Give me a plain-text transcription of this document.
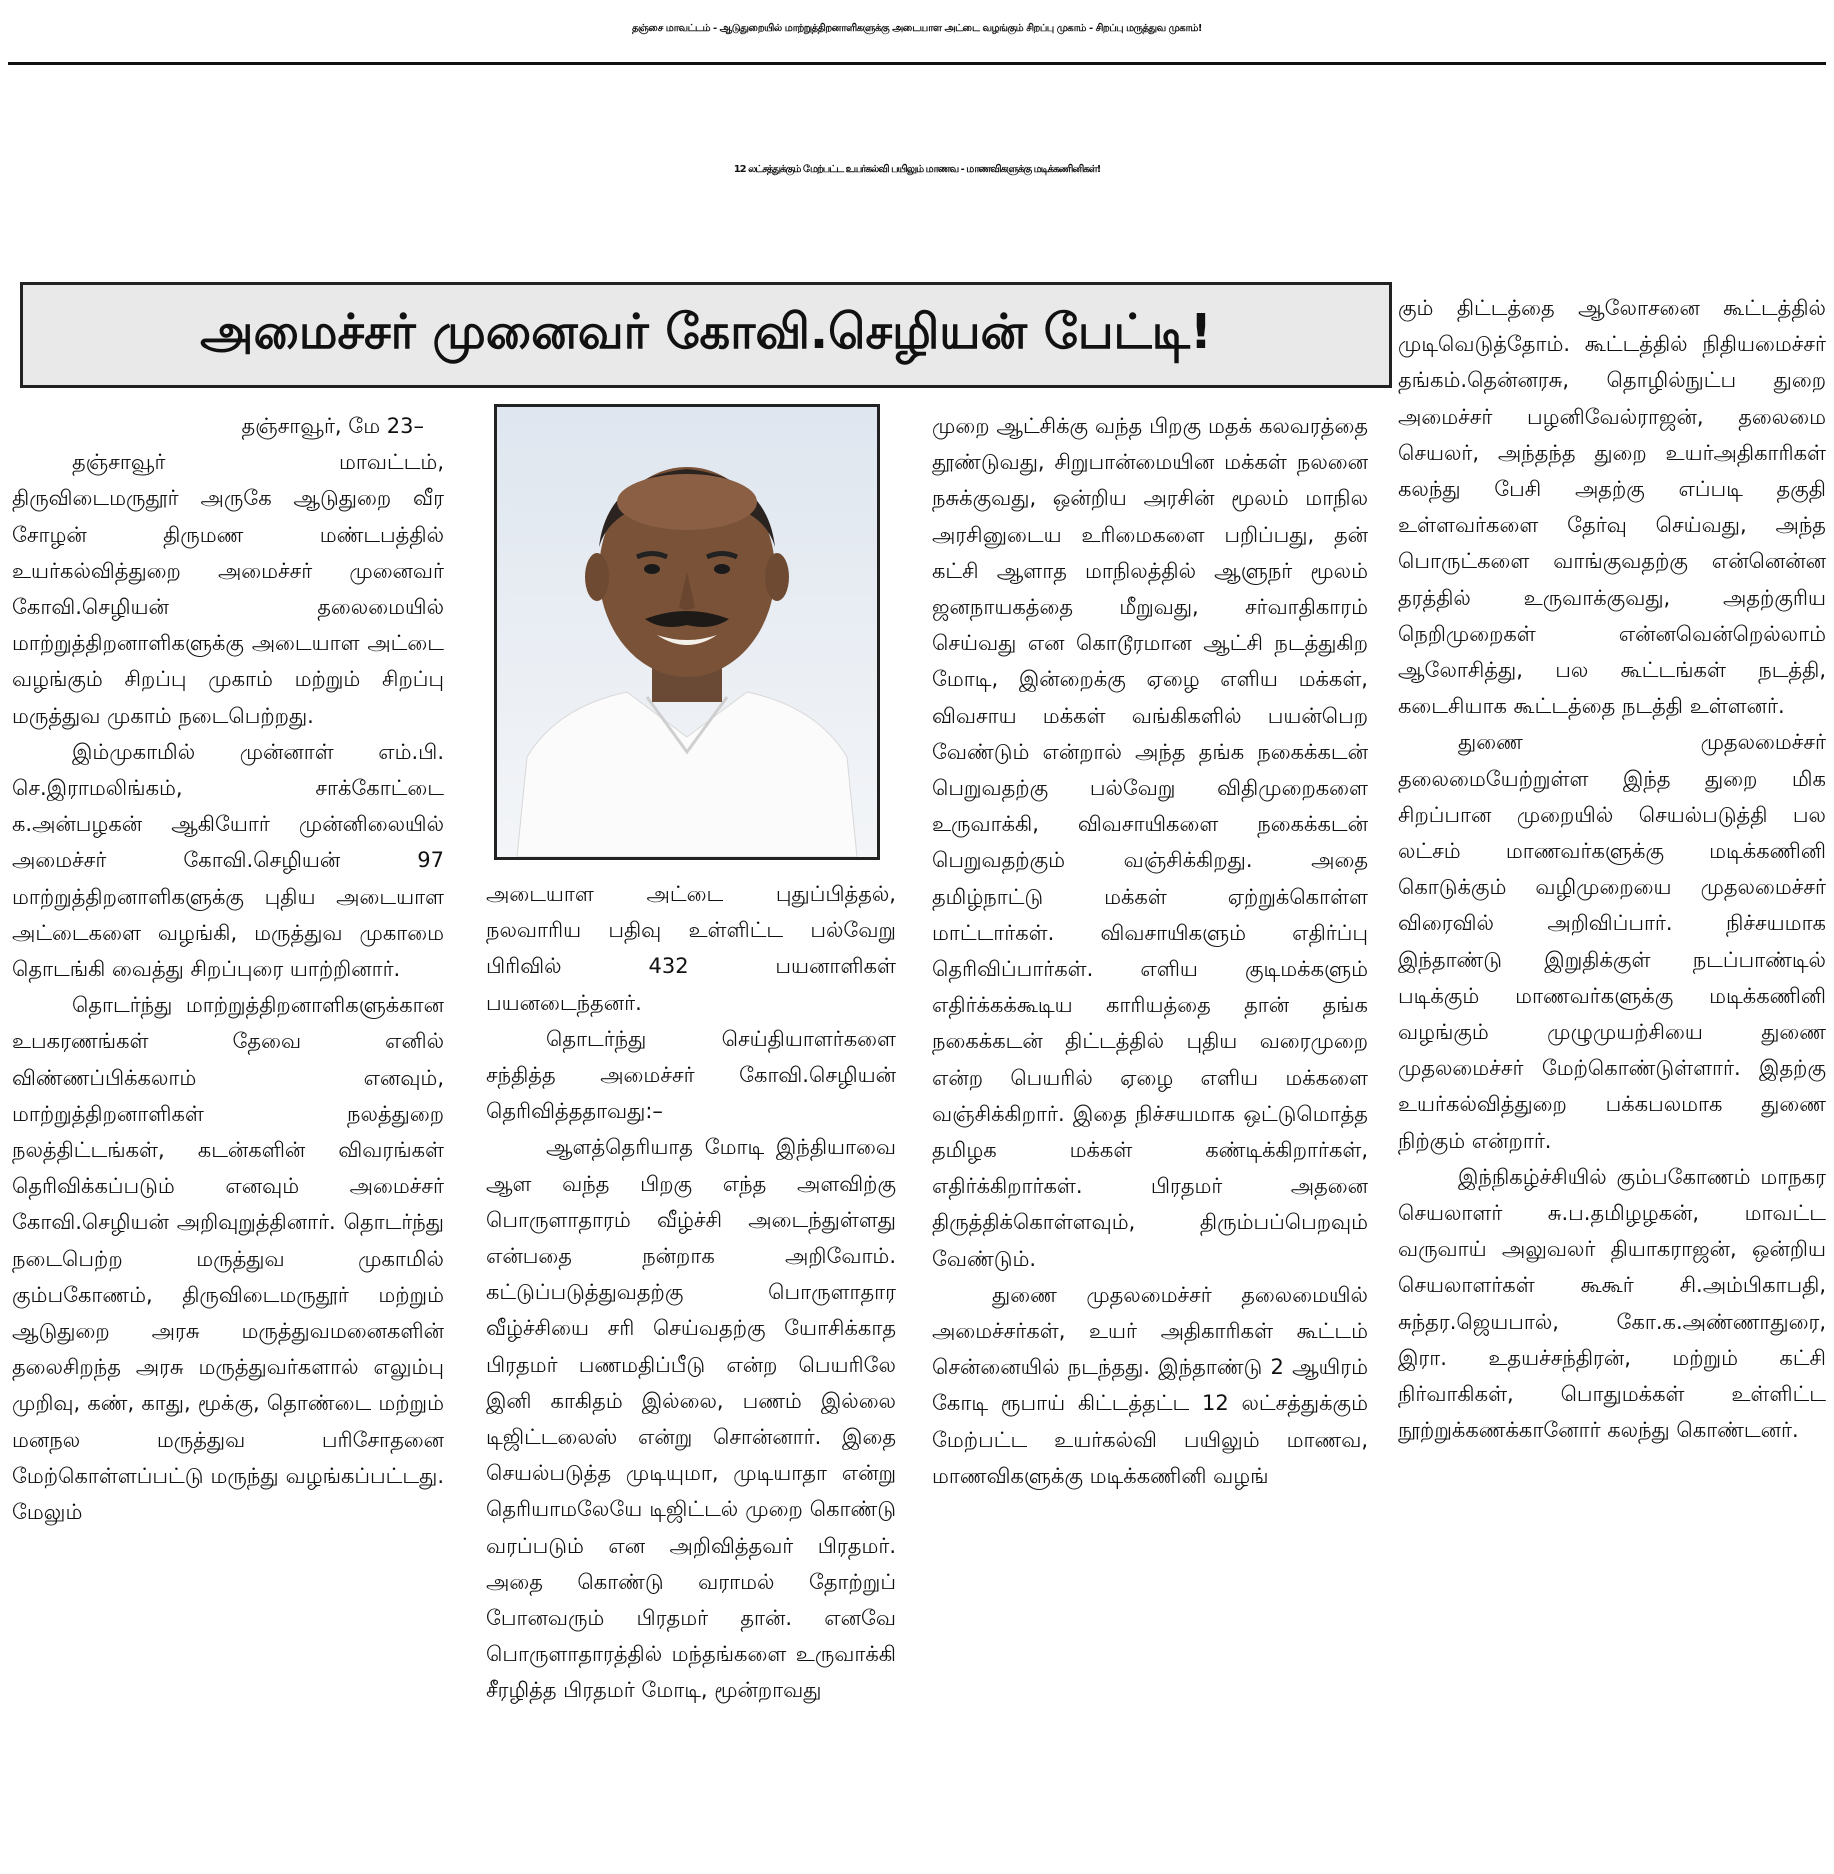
தஞ்சை மாவட்டம் - ஆடுதுறையில் மாற்றுத்திறனாளிகளுக்கு அடையாள அட்டை வழங்கும் சிறப்பு முகாம் - சிறப்பு மருத்துவ முகாம்!
12 லட்சத்துக்கும் மேற்பட்ட உயர்கல்வி பயிலும் மாணவ - மாணவிகளுக்கு மடிக்கணினிகள்!
அமைச்சர் முனைவர் கோவி.செழியன் பேட்டி!

தஞ்சாவூர், மே 23–

தஞ்சாவூர் மாவட்டம், திருவிடைமருதூர் அருகே ஆடுதுறை வீர சோழன் திருமண மண்டபத்தில் உயர்கல்வித்துறை அமைச்சர் முனைவர் கோவி.செழியன் தலைமையில் மாற்றுத்திறனாளிகளுக்கு அடையாள அட்டை வழங்கும் சிறப்பு முகாம் மற்றும் சிறப்பு மருத்துவ முகாம் நடைபெற்றது.

இம்முகாமில் முன்னாள் எம்.பி. செ.இராமலிங்கம், சாக்கோட்டை க.அன்பழகன் ஆகியோர் முன்னிலையில் அமைச்சர் கோவி.செழியன் 97 மாற்றுத்திறனாளிகளுக்கு புதிய அடையாள அட்டைகளை வழங்கி, மருத்துவ முகாமை தொடங்கி வைத்து சிறப்புரை யாற்றினார்.

தொடர்ந்து மாற்றுத்திறனாளிகளுக்கான உபகரணங்கள் தேவை எனில் விண்ணப்பிக்கலாம் எனவும், மாற்றுத்திறனாளிகள் நலத்துறை நலத்திட்டங்கள், கடன்களின் விவரங்கள் தெரிவிக்கப்படும் எனவும் அமைச்சர் கோவி.செழியன் அறிவுறுத்தினார். தொடர்ந்து நடைபெற்ற மருத்துவ முகாமில் கும்பகோணம், திருவிடைமருதூர் மற்றும் ஆடுதுறை அரசு மருத்துவமனைகளின் தலைசிறந்த அரசு மருத்துவர்களால் எலும்பு முறிவு, கண், காது, மூக்கு, தொண்டை மற்றும் மனநல மருத்துவ பரிசோதனை மேற்கொள்ளப்பட்டு மருந்து வழங்கப்பட்டது. மேலும்

அடையாள அட்டை புதுப்பித்தல், நலவாரிய பதிவு உள்ளிட்ட பல்வேறு பிரிவில் 432 பயனாளிகள் பயனடைந்தனர்.

தொடர்ந்து செய்தியாளர்களை சந்தித்த அமைச்சர் கோவி.செழியன் தெரிவித்ததாவது:–

ஆளத்தெரியாத மோடி இந்தியாவை ஆள வந்த பிறகு எந்த அளவிற்கு பொருளாதாரம் வீழ்ச்சி அடைந்துள்ளது என்பதை நன்றாக அறிவோம். கட்டுப்படுத்துவதற்கு பொருளாதார வீழ்ச்சியை சரி செய்வதற்கு யோசிக்காத பிரதமர் பணமதிப்பீடு என்ற பெயரிலே இனி காகிதம் இல்லை, பணம் இல்லை டிஜிட்டலைஸ் என்று சொன்னார். இதை செயல்படுத்த முடியுமா, முடியாதா என்று தெரியாமலேயே டிஜிட்டல் முறை கொண்டு வரப்படும் என அறிவித்தவர் பிரதமர். அதை கொண்டு வராமல் தோற்றுப் போனவரும் பிரதமர் தான். எனவே பொருளாதாரத்தில் மந்தங்களை உருவாக்கி சீரழித்த பிரதமர் மோடி, மூன்றாவது

முறை ஆட்சிக்கு வந்த பிறகு மதக் கலவரத்தை தூண்டுவது, சிறுபான்மையின மக்கள் நலனை நசுக்குவது, ஒன்றிய அரசின் மூலம் மாநில அரசினுடைய உரிமைகளை பறிப்பது, தன் கட்சி ஆளாத மாநிலத்தில் ஆளுநர் மூலம் ஜனநாயகத்தை மீறுவது, சர்வாதிகாரம் செய்வது என கொடூரமான ஆட்சி நடத்துகிற மோடி, இன்றைக்கு ஏழை எளிய மக்கள், விவசாய மக்கள் வங்கிகளில் பயன்பெற வேண்டும் என்றால் அந்த தங்க நகைக்கடன் பெறுவதற்கு பல்வேறு விதிமுறைகளை உருவாக்கி, விவசாயிகளை நகைக்கடன் பெறுவதற்கும் வஞ்சிக்கிறது. அதை தமிழ்நாட்டு மக்கள் ஏற்றுக்கொள்ள மாட்டார்கள். விவசாயிகளும் எதிர்ப்பு தெரிவிப்பார்கள். எளிய குடிமக்களும் எதிர்க்கக்கூடிய காரியத்தை தான் தங்க நகைக்கடன் திட்டத்தில் புதிய வரைமுறை என்ற பெயரில் ஏழை எளிய மக்களை வஞ்சிக்கிறார். இதை நிச்சயமாக ஒட்டுமொத்த தமிழக மக்கள் கண்டிக்கிறார்கள், எதிர்க்கிறார்கள். பிரதமர் அதனை திருத்திக்கொள்ளவும், திரும்பப்பெறவும் வேண்டும்.

துணை முதலமைச்சர் தலைமையில் அமைச்சர்கள், உயர் அதிகாரிகள் கூட்டம் சென்னையில் நடந்தது. இந்தாண்டு 2 ஆயிரம் கோடி ரூபாய் கிட்டத்தட்ட 12 லட்சத்துக்கும் மேற்பட்ட உயர்கல்வி பயிலும் மாணவ, மாணவிகளுக்கு மடிக்கணினி வழங்

கும் திட்டத்தை ஆலோசனை கூட்டத்தில் முடிவெடுத்தோம். கூட்டத்தில் நிதியமைச்சர் தங்கம்.தென்னரசு, தொழில்நுட்ப துறை அமைச்சர் பழனிவேல்ராஜன், தலைமை செயலர், அந்தந்த துறை உயர்அதிகாரிகள் கலந்து பேசி அதற்கு எப்படி தகுதி உள்ளவர்களை தேர்வு செய்வது, அந்த பொருட்களை வாங்குவதற்கு என்னென்ன தரத்தில் உருவாக்குவது, அதற்குரிய நெறிமுறைகள் என்னவென்றெல்லாம் ஆலோசித்து, பல கூட்டங்கள் நடத்தி, கடைசியாக கூட்டத்தை நடத்தி உள்ளனர்.

துணை முதலமைச்சர் தலைமையேற்றுள்ள இந்த துறை மிக சிறப்பான முறையில் செயல்படுத்தி பல லட்சம் மாணவர்களுக்கு மடிக்கணினி கொடுக்கும் வழிமுறையை முதலமைச்சர் விரைவில் அறிவிப்பார். நிச்சயமாக இந்தாண்டு இறுதிக்குள் நடப்பாண்டில் படிக்கும் மாணவர்களுக்கு மடிக்கணினி வழங்கும் முழுமுயற்சியை துணை முதலமைச்சர் மேற்கொண்டுள்ளார். இதற்கு உயர்கல்வித்துறை பக்கபலமாக துணை நிற்கும் என்றார்.

இந்நிகழ்ச்சியில் கும்பகோணம் மாநகர செயலாளர் சு.ப.தமிழழகன், மாவட்ட வருவாய் அலுவலர் தியாகராஜன், ஒன்றிய செயலாளர்கள் கூகூர் சி.அம்பிகாபதி, சுந்தர.ஜெயபால், கோ.க.அண்ணாதுரை, இரா. உதயச்சந்திரன், மற்றும் கட்சி நிர்வாகிகள், பொதுமக்கள் உள்ளிட்ட நூற்றுக்கணக்கானோர் கலந்து கொண்டனர்.
